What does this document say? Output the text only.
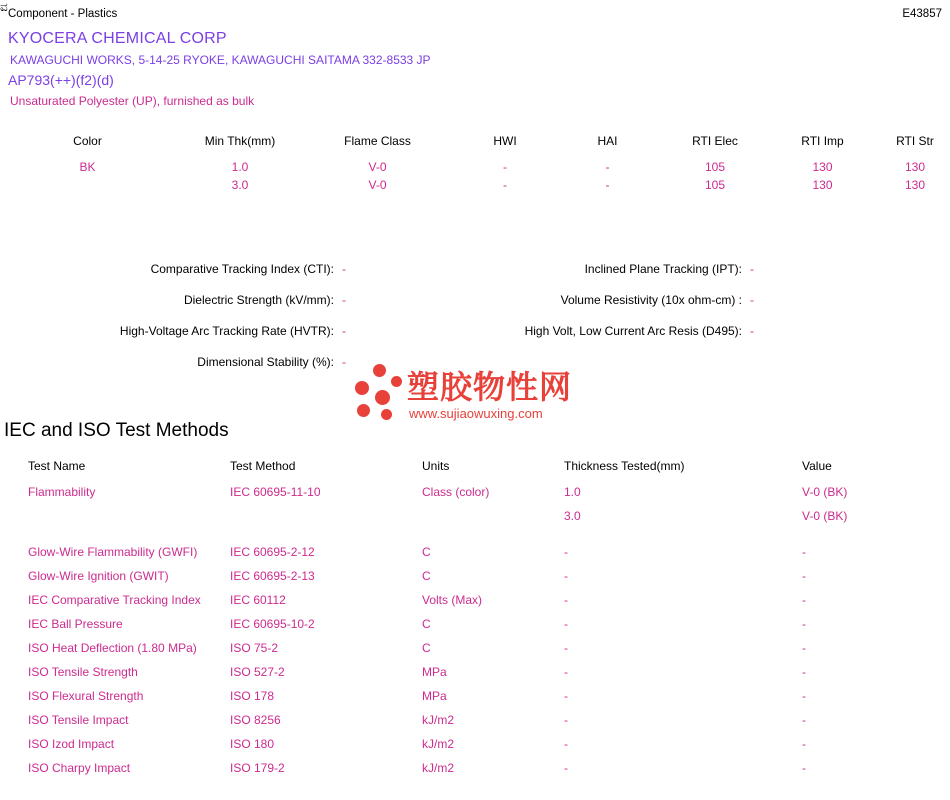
Component - Plastics	E43857
KYOCERA CHEMICAL CORP
KAWAGUCHI WORKS, 5-14-25 RYOKE, KAWAGUCHI SAITAMA 332-8533 JP
AP793(++)(f2)(d)
Unsaturated Polyester (UP), furnished as bulk
Color	Min Thk(mm)	Flame Class	HWI	HAI	RTI Elec	RTI Imp	RTI Str
BK	1.0	V-0	-	-	105	130	130
	3.0	V-0	-	-	105	130	130
Comparative Tracking Index (CTI): -	Inclined Plane Tracking (IPT): -
Dielectric Strength (kV/mm): -	Volume Resistivity (10x ohm-cm) : -
High-Voltage Arc Tracking Rate (HVTR): -	High Volt, Low Current Arc Resis (D495): -
Dimensional Stability (%): -
塑胶物性网
www.sujiaowuxing.com
IEC and ISO Test Methods
ವ
Test Name	Test Method	Units	Thickness Tested(mm)	Value
Flammability	IEC 60695-11-10	Class (color)	1.0	V-0 (BK)
			3.0	V-0 (BK)

Glow-Wire Flammability (GWFI)	IEC 60695-2-12	C	-	-
Glow-Wire Ignition (GWIT)	IEC 60695-2-13	C	-	-
IEC Comparative Tracking Index	IEC 60112	Volts (Max)	-	-
IEC Ball Pressure	IEC 60695-10-2	C	-	-
ISO Heat Deflection (1.80 MPa)	ISO 75-2	C	-	-
ISO Tensile Strength	ISO 527-2	MPa	-	-
ISO Flexural Strength	ISO 178	MPa	-	-
ISO Tensile Impact	ISO 8256	kJ/m2	-	-
ISO Izod Impact	ISO 180	kJ/m2	-	-
ISO Charpy Impact	ISO 179-2	kJ/m2	-	-
